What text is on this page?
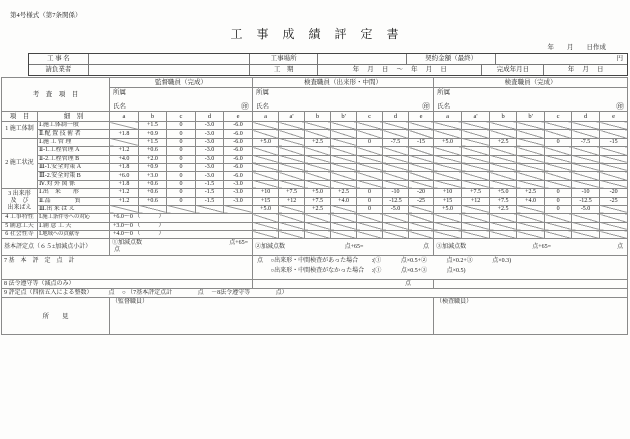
第4号様式（第7条関係）
工　事　成　績　評　定　書
年　　月　　日作成
工 事 名	工事場所	契約金額（最終）	円
請負業者	工　期	年　 月　 日　 ～　 年　 月　 日	完成年月日	年　 月　 日
考　査　項　目		監督職員（完成）					検査職員（出来形・中間）							検査職員（完成）						

所属
氏名	㊞

所属
氏名	㊞

所属
氏名	㊞

項　目	細　別	a	b	c	d	e	a	a'	b	b'	c	d	e	a	a'	b	b'	c	d	e
1 施工体制	Ⅰ.施工体制一般		+1.5	0	-3.0	-6.0														
	Ⅱ.配 置 技 術 者	+1.8	+0.9	0	-3.0	-6.0														
2 施工状況	Ⅰ.施 工 管 理		+1.5	0	-3.0	-6.0	+5.0		+2.5		0	-7.5	-15	+5.0		+2.5		0	-7.5	-15
	Ⅱ-1.工程管理 A	+1.2	+0.6	0	-3.0	-6.0														
	Ⅱ-2.工程管理 B	+4.0	+2.0	0	-3.0	-6.0														
	Ⅲ-1.安全対策 A	+1.8	+0.9	0	-3.0	-6.0														
	Ⅲ-2.安全対策 B	+6.0	+3.0	0	-3.0	-6.0														
	Ⅳ.対 外 関 係	+1.8	+0.6	0	-1.5	-3.0														

3 出来形
及　び
出来ばえ	Ⅰ.出　来　　形	+1.2	+0.6	0	-1.5	-3.0	+10	+7.5	+5.0	+2.5	0	-10	-20	+10	+7.5	+5.0	+2.5	0	-10	-20
	Ⅱ.品　　　　質	+1.2	+0.6	0	-1.5	-3.0	+15	+12	+7.5	+4.0	0	-12.5	-25	+15	+12	+7.5	+4.0	0	-12.5	-25
	Ⅲ.出 来 ば え						+5.0		+2.5		0	-5.0		+5.0		+2.5		0	-5.0	
4 工事特性	Ⅰ.施工条件等への対応	+6.0～0 （　　　）																		
5 創意工夫	Ⅰ.創 意 工 夫	+3.0～0 （　　　）																		
6 社会性等	Ⅰ.地域への貢献等	+4.0～0 （　　　）																		
基本評定点（６５±加減点小計）	
①加減点数	点+65=
点

②加減点数	点+65=	点	③加減点数	点+65=	点

7 基　本　評　定　点　計							点　 ○出来形・中間検査があった場合　　 :(①　　　 点×0.5+②　　　 点×0.2+③　　　 点×0.3)
　　 ○出来形・中間検査がなかった場合　 :(①　　　 点×0.5+③　　　 点×0.5)													

8 法令遵守等（減点のみ）							点													
9 評定点（四捨五入による整数） 点　 ○ （7基本評定点計　　　　 点　 －8法令遵守等　　　　 点）																				
所　　見		（監督職員）												（検査職員）						
